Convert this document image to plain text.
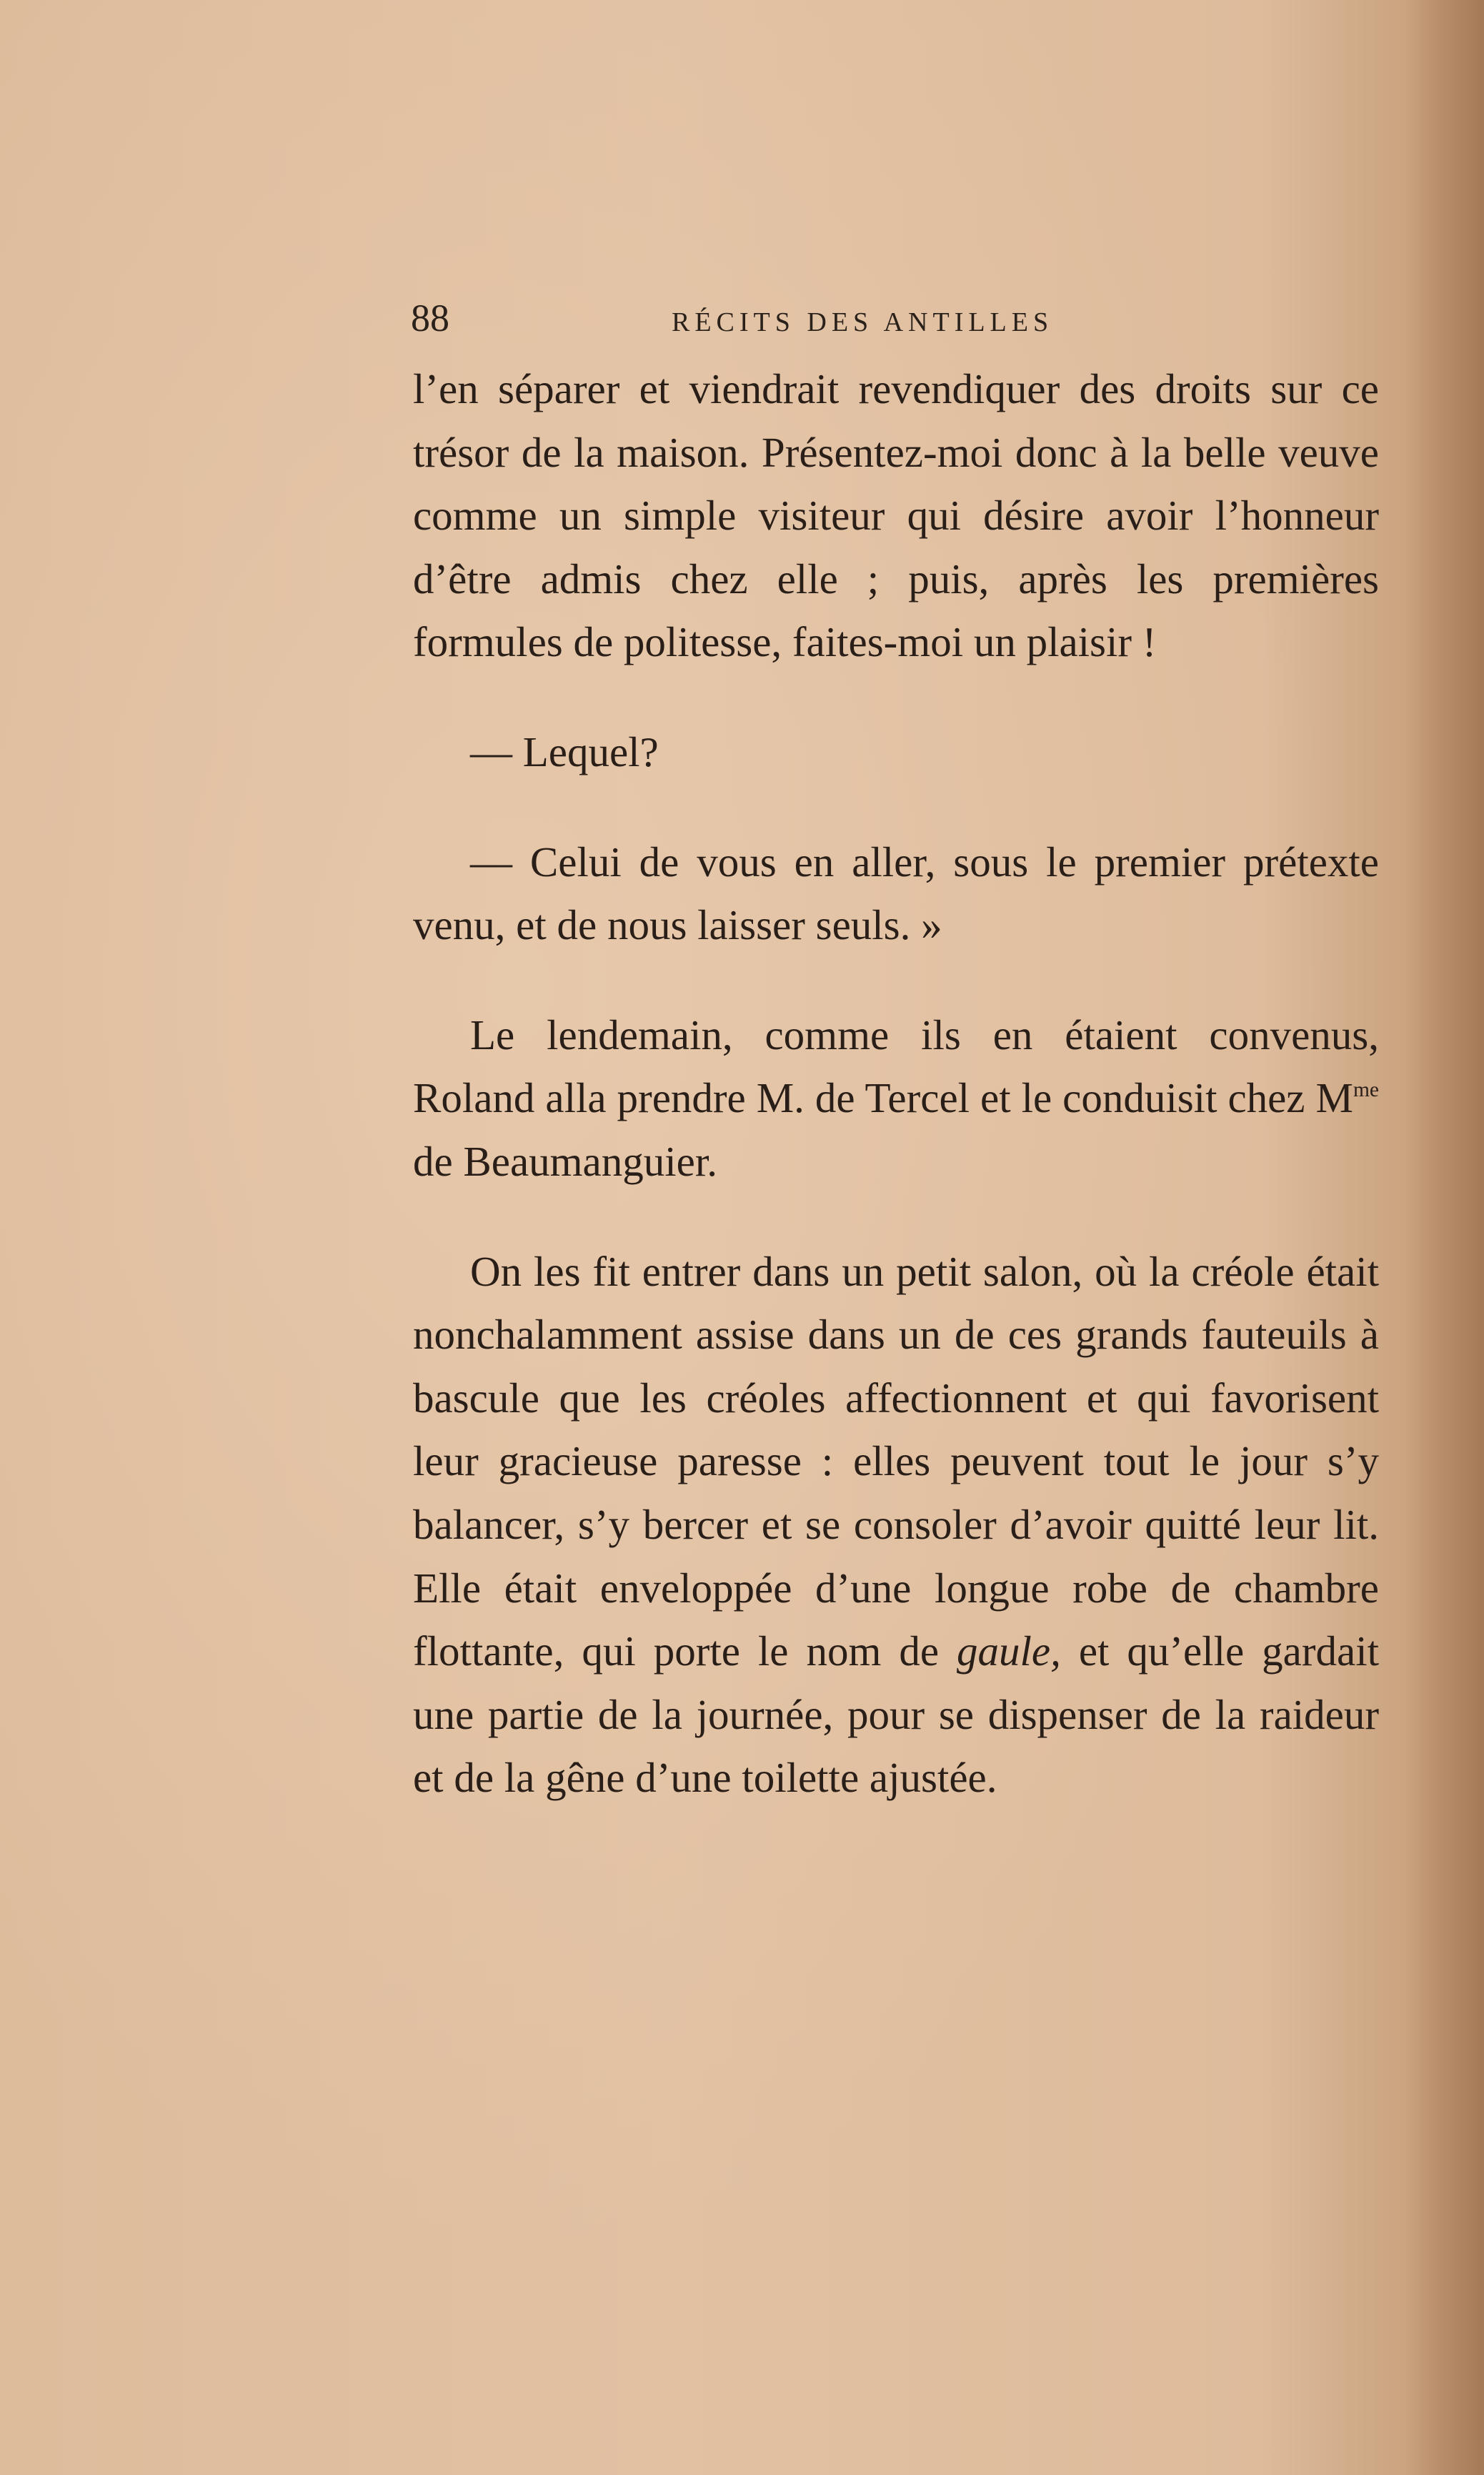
88	RÉCITS DES ANTILLES

l’en séparer et viendrait revendiquer des droits sur ce trésor de la maison. Présentez-moi donc à la belle veuve comme un simple visiteur qui désire avoir l’honneur d’être admis chez elle ; puis, après les premières formules de politesse, faites-moi un plaisir !

— Lequel?

— Celui de vous en aller, sous le premier prétexte venu, et de nous laisser seuls. »

Le lendemain, comme ils en étaient convenus, Roland alla prendre M. de Tercel et le conduisit chez $M^{me}$ de Beaumanguier.

On les fit entrer dans un petit salon, où la créole était nonchalamment assise dans un de ces grands fauteuils à bascule que les créoles affectionnent et qui favorisent leur gracieuse paresse : elles peuvent tout le jour s’y balancer, s’y bercer et se consoler d’avoir quitté leur lit. Elle était enveloppée d’une longue robe de chambre flottante, qui porte le nom de gaule, et qu’elle gardait une partie de la journée, pour se dispenser de la raideur et de la gêne d’une toilette ajustée.
